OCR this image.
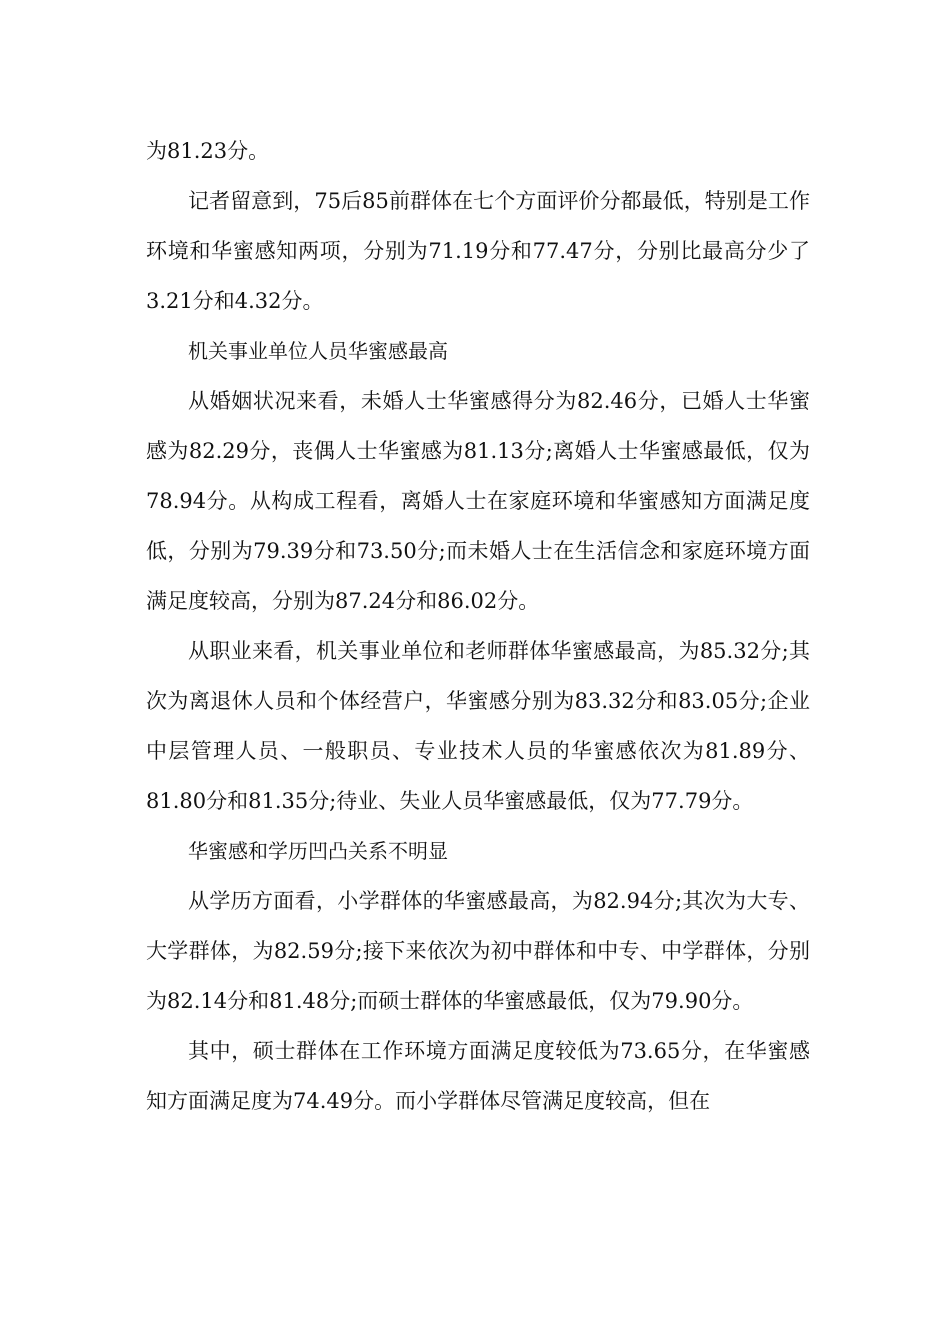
为81.23分。

记者留意到，75后85前群体在七个方面评价分都最低，特别是工作环境和华蜜感知两项，分别为71.19分和77.47分，分别比最高分少了3.21分和4.32分。

机关事业单位人员华蜜感最高

从婚姻状况来看，未婚人士华蜜感得分为82.46分，已婚人士华蜜感为82.29分，丧偶人士华蜜感为81.13分;离婚人士华蜜感最低，仅为78.94分。从构成工程看，离婚人士在家庭环境和华蜜感知方面满足度低，分别为79.39分和73.50分;而未婚人士在生活信念和家庭环境方面满足度较高，分别为87.24分和86.02分。

从职业来看，机关事业单位和老师群体华蜜感最高，为85.32分;其次为离退休人员和个体经营户，华蜜感分别为83.32分和83.05分;企业中层管理人员、一般职员、专业技术人员的华蜜感依次为81.89分、81.80分和81.35分;待业、失业人员华蜜感最低，仅为77.79分。

华蜜感和学历凹凸关系不明显

从学历方面看，小学群体的华蜜感最高，为82.94分;其次为大专、大学群体，为82.59分;接下来依次为初中群体和中专、中学群体，分别为82.14分和81.48分;而硕士群体的华蜜感最低，仅为79.90分。

其中，硕士群体在工作环境方面满足度较低为73.65分，在华蜜感知方面满足度为74.49分。而小学群体尽管满足度较高，但在
